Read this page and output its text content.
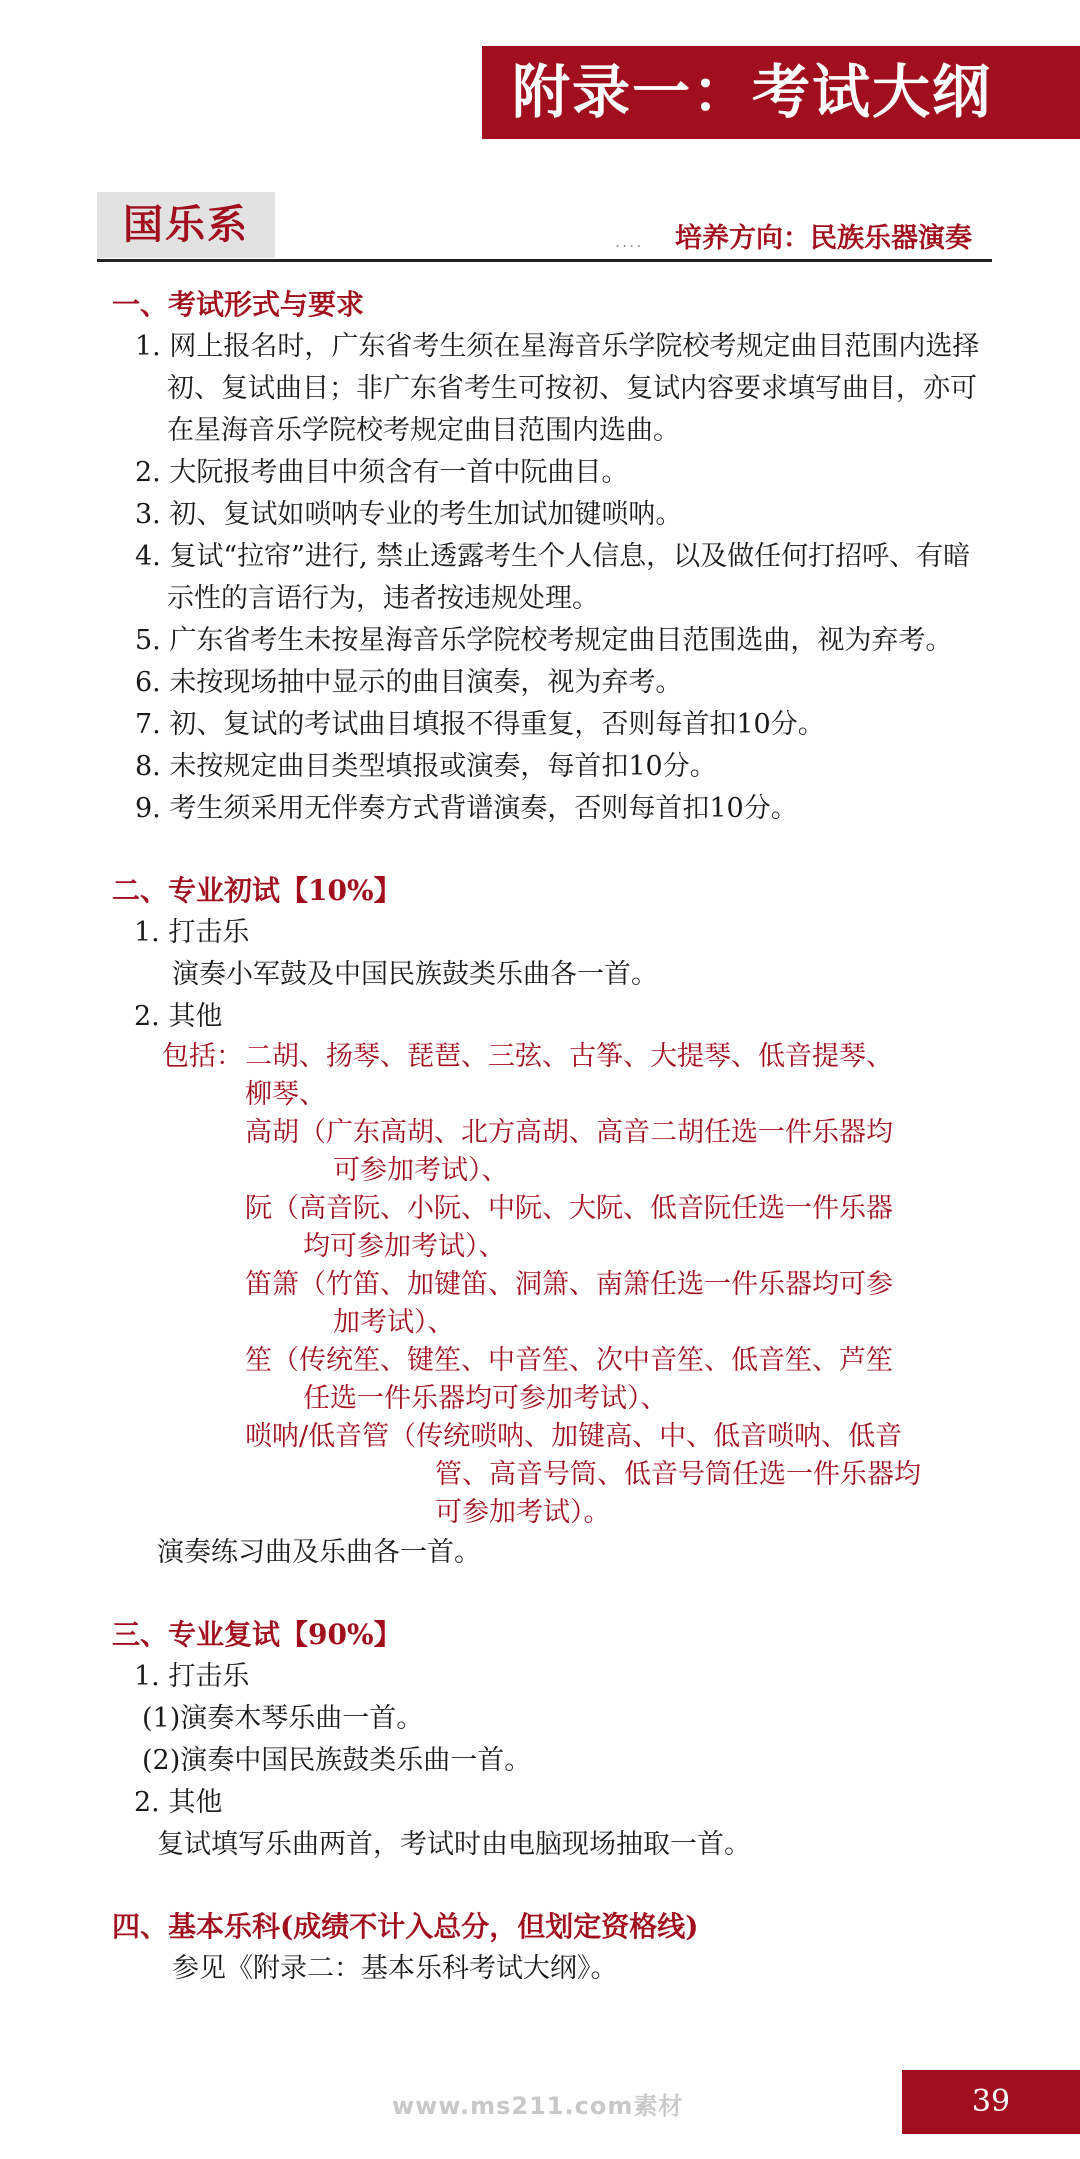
附录一：考试大纲
国乐系	.... 培养方向：民族乐器演奏
一、考试形式与要求
1. 网上报名时，广东省考生须在星海音乐学院校考规定曲目范围内选择初、复试曲目；非广东省考生可按初、复试内容要求填写曲目，亦可在星海音乐学院校考规定曲目范围内选曲。
2. 大阮报考曲目中须含有一首中阮曲目。
3. 初、复试如唢呐专业的考生加试加键唢呐。
4. 复试“拉帘”进行, 禁止透露考生个人信息，以及做任何打招呼、有暗示性的言语行为，违者按违规处理。
5. 广东省考生未按星海音乐学院校考规定曲目范围选曲，视为弃考。
6. 未按现场抽中显示的曲目演奏，视为弃考。
7. 初、复试的考试曲目填报不得重复，否则每首扣10分。
8. 未按规定曲目类型填报或演奏，每首扣10分。
9. 考生须采用无伴奏方式背谱演奏，否则每首扣10分。
二、专业初试【10%】
1. 打击乐
演奏小军鼓及中国民族鼓类乐曲各一首。
2. 其他
包括： 二胡、扬琴、琵琶、三弦、古筝、大提琴、低音提琴、
柳琴、
高胡（广东高胡、北方高胡、高音二胡任选一件乐器均
可参加考试）、
阮（高音阮、小阮、中阮、大阮、低音阮任选一件乐器
均可参加考试）、
笛箫（竹笛、加键笛、洞箫、南箫任选一件乐器均可参
加考试）、
笙（传统笙、键笙、中音笙、次中音笙、低音笙、芦笙
任选一件乐器均可参加考试）、
唢呐/低音管（传统唢呐、加键高、中、低音唢呐、低音
管、高音号筒、低音号筒任选一件乐器均
可参加考试）。
演奏练习曲及乐曲各一首。
三、专业复试【90%】
1. 打击乐
(1)演奏木琴乐曲一首。
(2)演奏中国民族鼓类乐曲一首。
2. 其他
复试填写乐曲两首，考试时由电脑现场抽取一首。
四、基本乐科(成绩不计入总分，但划定资格线)
参见《附录二：基本乐科考试大纲》。
www.ms211.com素材	39
